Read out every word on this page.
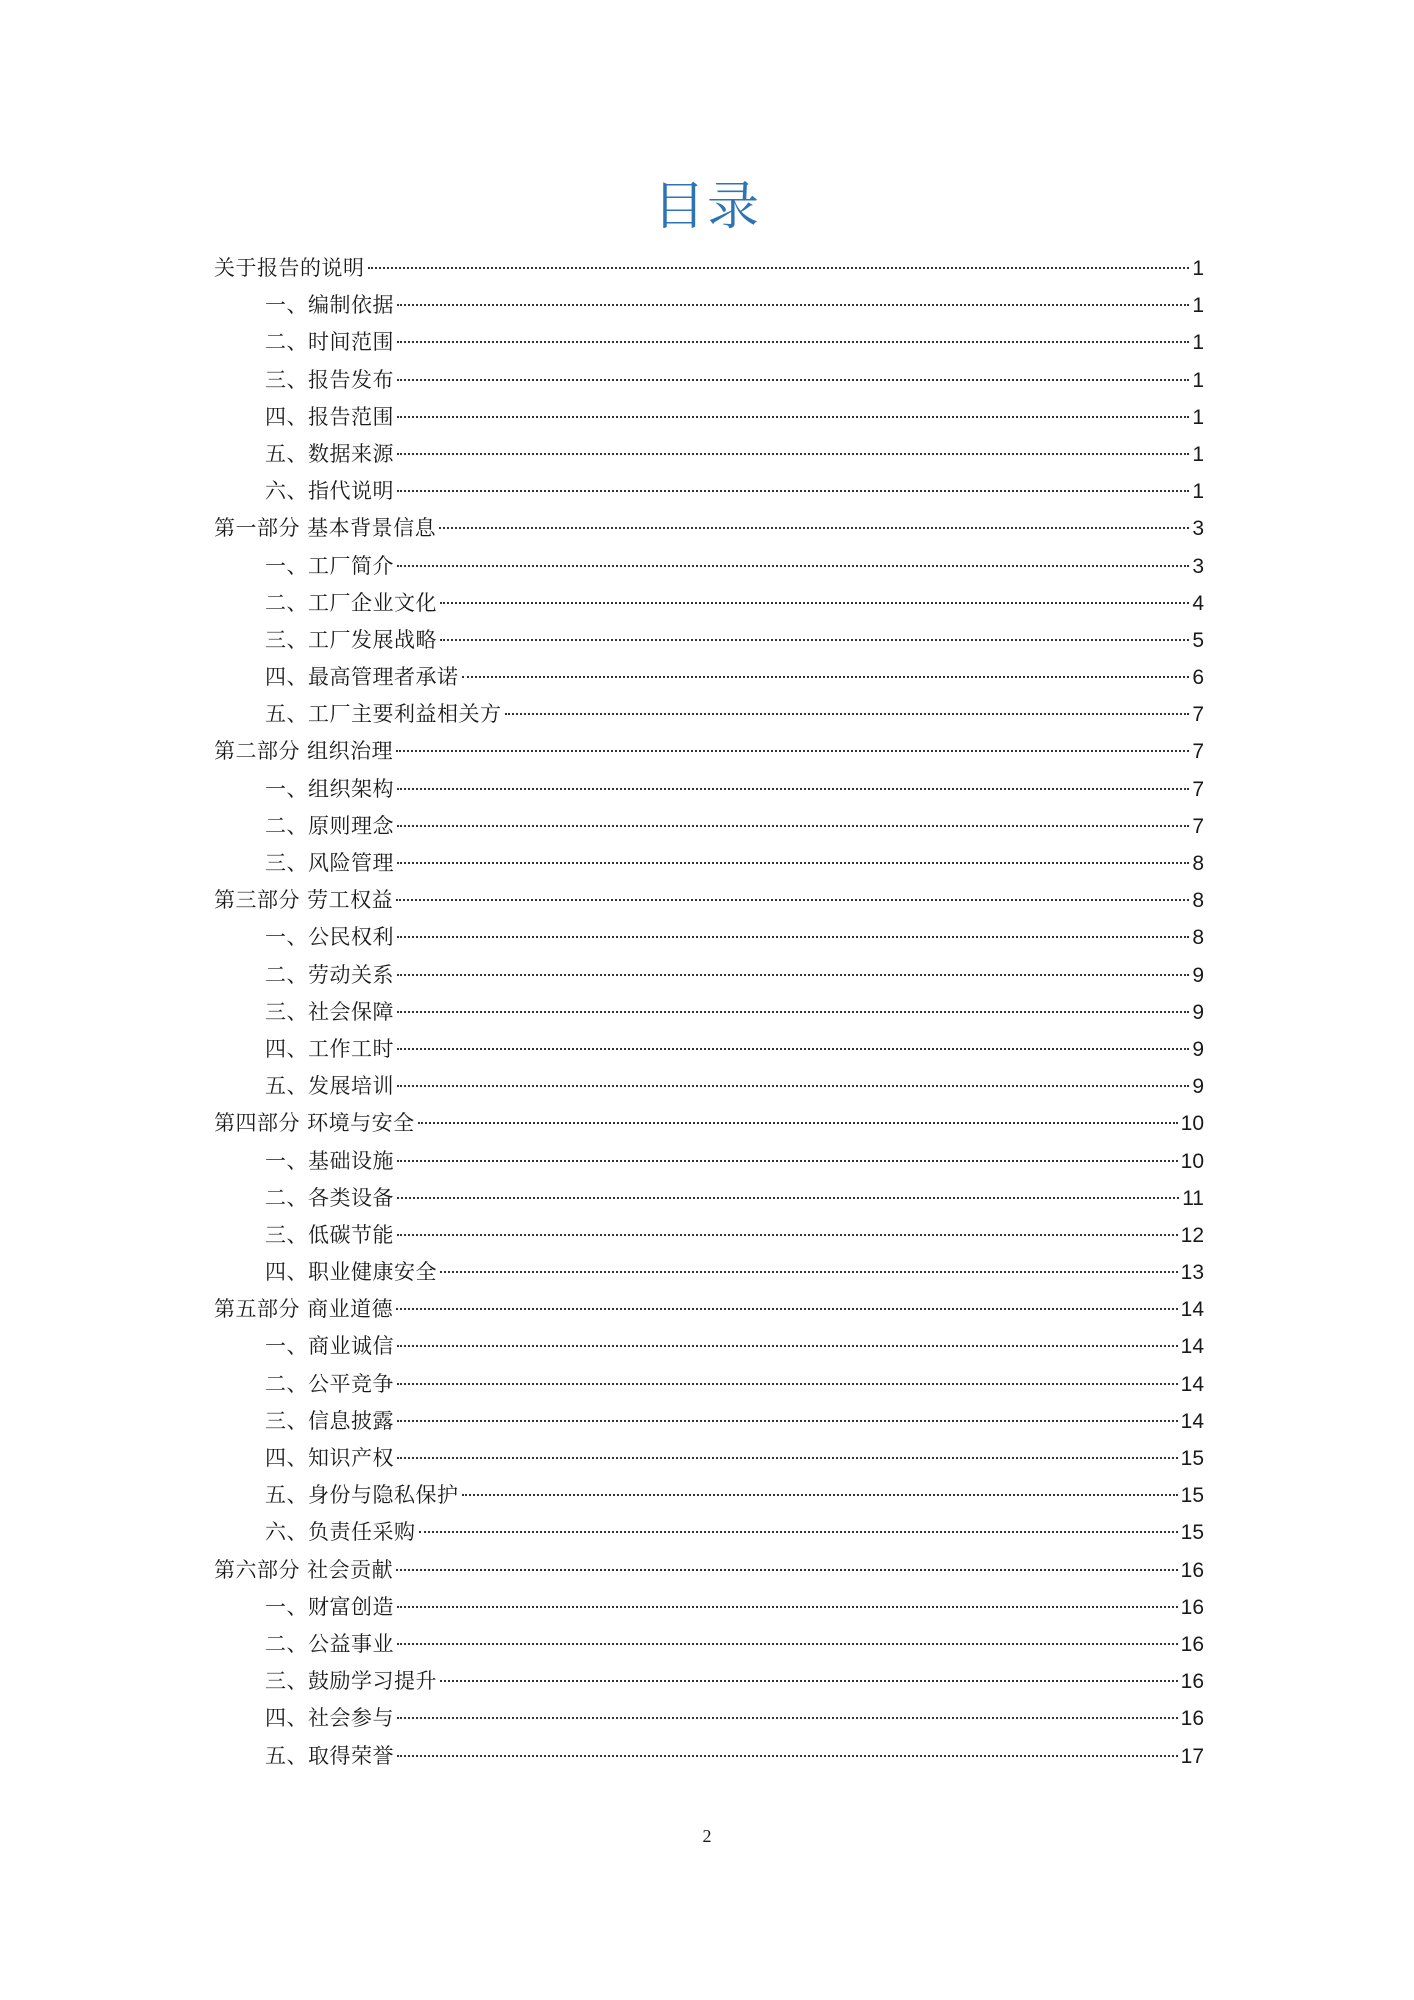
目录
关于报告的说明	1
一、编制依据	1
二、时间范围	1
三、报告发布	1
四、报告范围	1
五、数据来源	1
六、指代说明	1
第一部分 基本背景信息	3
一、工厂简介	3
二、工厂企业文化	4
三、工厂发展战略	5
四、最高管理者承诺	6
五、工厂主要利益相关方	7
第二部分 组织治理	7
一、组织架构	7
二、原则理念	7
三、风险管理	8
第三部分 劳工权益	8
一、公民权利	8
二、劳动关系	9
三、社会保障	9
四、工作工时	9
五、发展培训	9
第四部分 环境与安全	10
一、基础设施	10
二、各类设备	11
三、低碳节能	12
四、职业健康安全	13
第五部分 商业道德	14
一、商业诚信	14
二、公平竞争	14
三、信息披露	14
四、知识产权	15
五、身份与隐私保护	15
六、负责任采购	15
第六部分 社会贡献	16
一、财富创造	16
二、公益事业	16
三、鼓励学习提升	16
四、社会参与	16
五、取得荣誉	17
2
